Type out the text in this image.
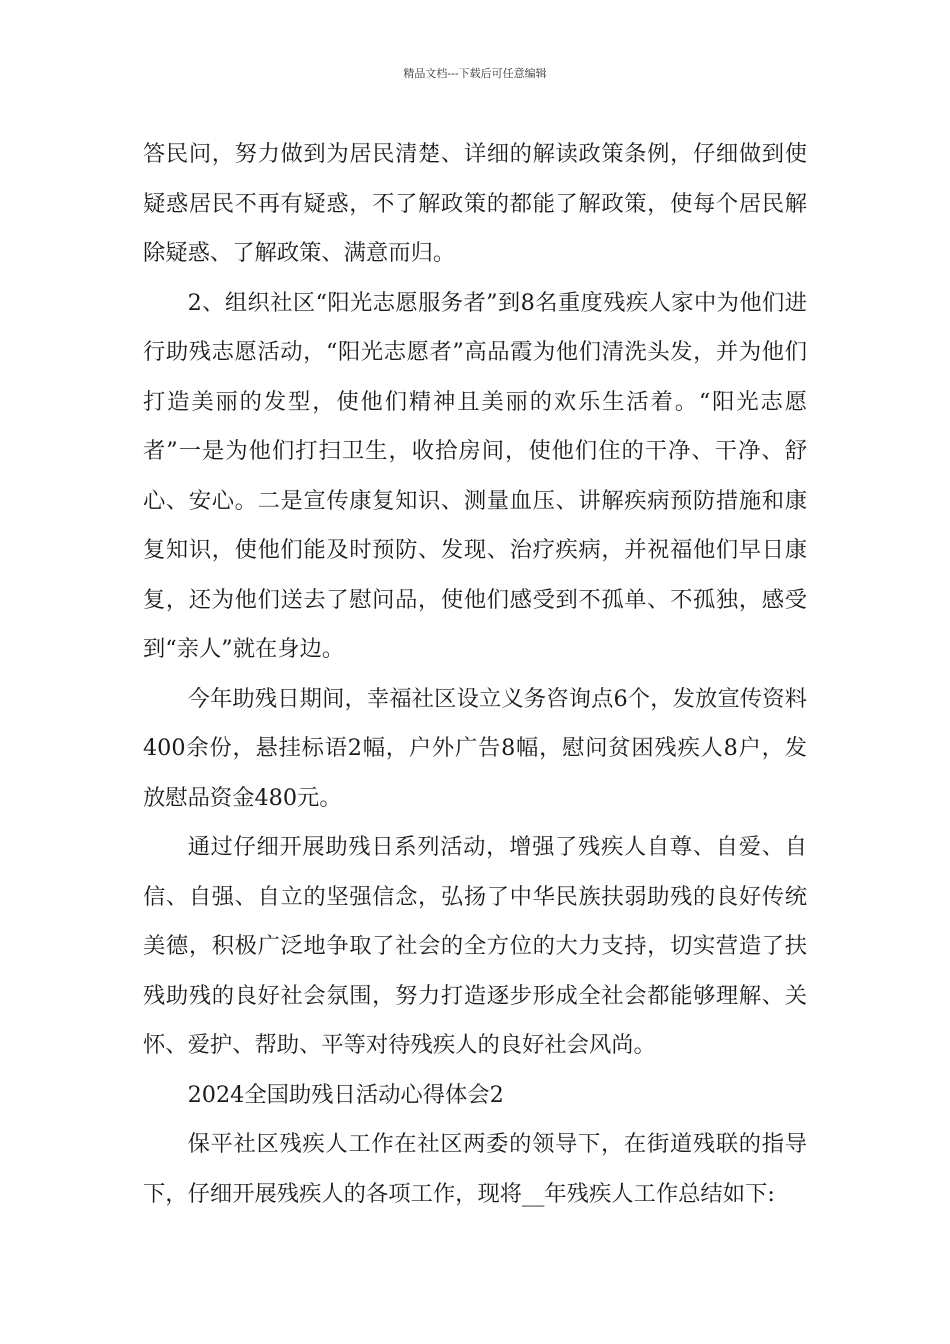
精品文档---下载后可任意编辑

答民问，努力做到为居民清楚、详细的解读政策条例，仔细做到使疑惑居民不再有疑惑，不了解政策的都能了解政策，使每个居民解除疑惑、了解政策、满意而归。

2、组织社区“阳光志愿服务者”到8名重度残疾人家中为他们进行助残志愿活动，“阳光志愿者”高品霞为他们清洗头发，并为他们打造美丽的发型，使他们精神且美丽的欢乐生活着。“阳光志愿者”一是为他们打扫卫生，收拾房间，使他们住的干净、干净、舒心、安心。二是宣传康复知识、测量血压、讲解疾病预防措施和康复知识，使他们能及时预防、发现、治疗疾病，并祝福他们早日康复，还为他们送去了慰问品，使他们感受到不孤单、不孤独，感受到“亲人”就在身边。

今年助残日期间，幸福社区设立义务咨询点6个，发放宣传资料400余份，悬挂标语2幅，户外广告8幅，慰问贫困残疾人8户，发放慰品资金480元。

通过仔细开展助残日系列活动，增强了残疾人自尊、自爱、自信、自强、自立的坚强信念，弘扬了中华民族扶弱助残的良好传统美德，积极广泛地争取了社会的全方位的大力支持，切实营造了扶残助残的良好社会氛围，努力打造逐步形成全社会都能够理解、关怀、爱护、帮助、平等对待残疾人的良好社会风尚。

2024全国助残日活动心得体会2

保平社区残疾人工作在社区两委的领导下，在街道残联的指导下，仔细开展残疾人的各项工作，现将__年残疾人工作总结如下:
